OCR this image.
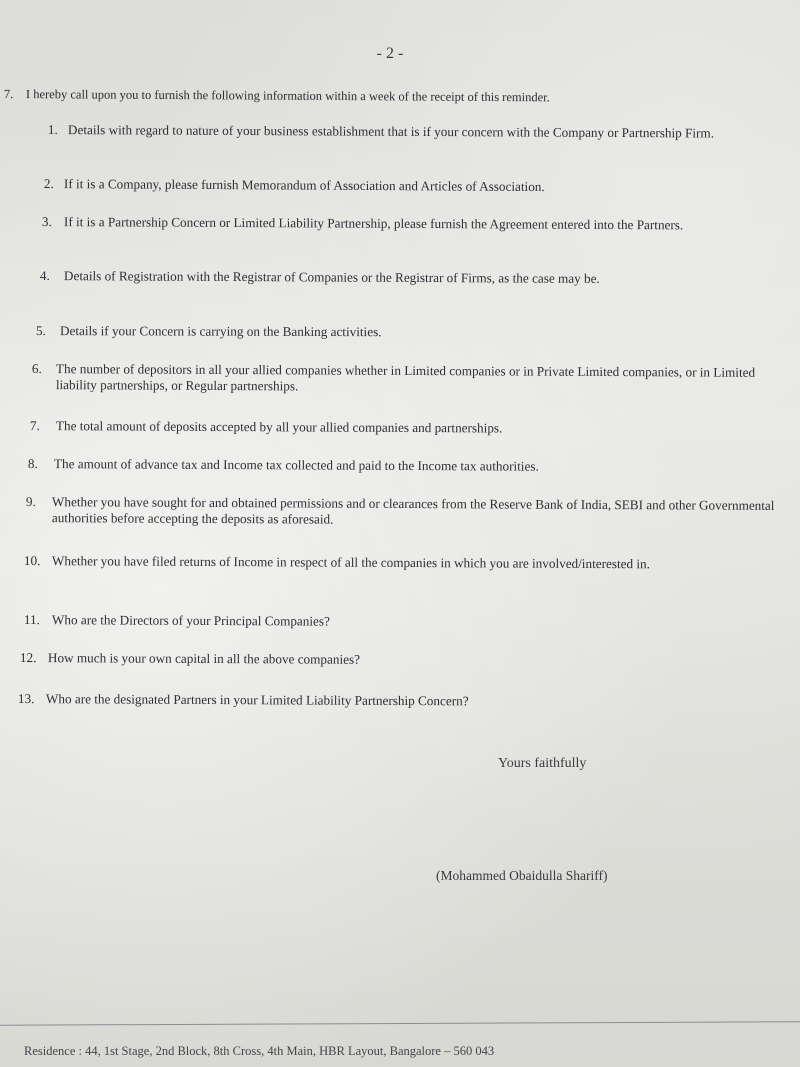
- 2 -
7. I hereby call upon you to furnish the following information within a week of the receipt of this reminder.
1. Details with regard to nature of your business establishment that is if your concern with the Company or Partnership Firm.
2. If it is a Company, please furnish Memorandum of Association and Articles of Association.
3. If it is a Partnership Concern or Limited Liability Partnership, please furnish the Agreement entered into the Partners.
4. Details of Registration with the Registrar of Companies or the Registrar of Firms, as the case may be.
5. Details if your Concern is carrying on the Banking activities.
6. The number of depositors in all your allied companies whether in Limited companies or in Private Limited companies, or in Limited liability partnerships, or Regular partnerships.
7. The total amount of deposits accepted by all your allied companies and partnerships.
8. The amount of advance tax and Income tax collected and paid to the Income tax authorities.
9. Whether you have sought for and obtained permissions and or clearances from the Reserve Bank of India, SEBI and other Governmental authorities before accepting the deposits as aforesaid.
10. Whether you have filed returns of Income in respect of all the companies in which you are involved/interested in.
11. Who are the Directors of your Principal Companies?
12. How much is your own capital in all the above companies?
13. Who are the designated Partners in your Limited Liability Partnership Concern?
Yours faithfully
(Mohammed Obaidulla Shariff)
Residence : 44, 1st Stage, 2nd Block, 8th Cross, 4th Main, HBR Layout, Bangalore – 560 043
